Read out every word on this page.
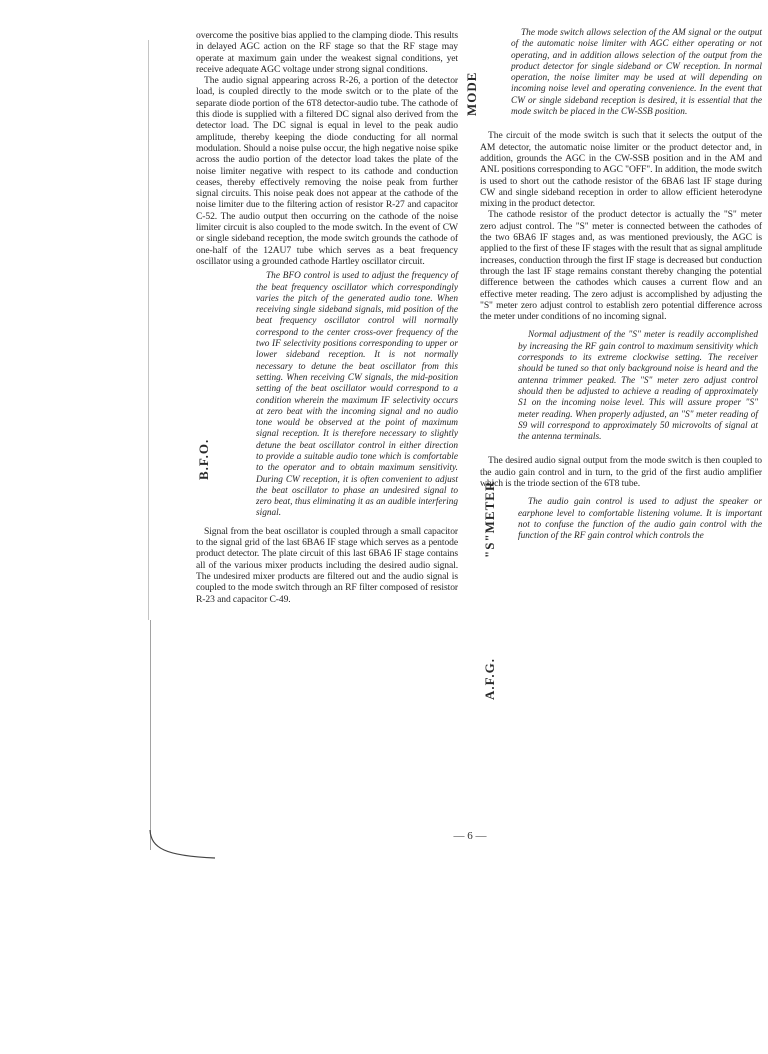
overcome the positive bias applied to the clamping diode. This results in delayed AGC action on the RF stage so that the RF stage may operate at maximum gain under the weakest signal conditions, yet receive adequate AGC voltage under strong signal conditions.

The audio signal appearing across R-26, a portion of the detector load, is coupled directly to the mode switch or to the plate of the separate diode portion of the 6T8 detector-audio tube. The cathode of this diode is supplied with a filtered DC signal also derived from the detector load. The DC signal is equal in level to the peak audio amplitude, thereby keeping the diode conducting for all normal modulation. Should a noise pulse occur, the high negative noise spike across the audio portion of the detector load takes the plate of the noise limiter negative with respect to its cathode and conduction ceases, thereby effectively removing the noise peak from further signal circuits. This noise peak does not appear at the cathode of the noise limiter due to the filtering action of resistor R-27 and capacitor C-52. The audio output then occurring on the cathode of the noise limiter circuit is also coupled to the mode switch. In the event of CW or single sideband reception, the mode switch grounds the cathode of one-half of the 12AU7 tube which serves as a beat frequency oscillator using a grounded cathode Hartley oscillator circuit.

The BFO control is used to adjust the frequency of the beat frequency oscillator which correspondingly varies the pitch of the generated audio tone. When receiving single sideband signals, mid position of the beat frequency oscillator control will normally correspond to the center cross-over frequency of the two IF selectivity positions corresponding to upper or lower sideband reception. It is not normally necessary to detune the beat oscillator from this setting. When receiving CW signals, the mid-position setting of the beat oscillator would correspond to a condition wherein the maximum IF selectivity occurs at zero beat with the incoming signal and no audio tone would be observed at the point of maximum signal reception. It is therefore necessary to slightly detune the beat oscillator control in either direction to provide a suitable audio tone which is comfortable to the operator and to obtain maximum sensitivity. During CW reception, it is often convenient to adjust the beat oscillator to phase an undesired signal to zero beat, thus eliminating it as an audible interfering signal.

Signal from the beat oscillator is coupled through a small capacitor to the signal grid of the last 6BA6 IF stage which serves as a pentode product detector. The plate circuit of this last 6BA6 IF stage contains all of the various mixer products including the desired audio signal. The undesired mixer products are filtered out and the audio signal is coupled to the mode switch through an RF filter composed of resistor R-23 and capacitor C-49.

The mode switch allows selection of the AM signal or the output of the automatic noise limiter with AGC either operating or not operating, and in addition allows selection of the output from the product detector for single sideband or CW reception. In normal operation, the noise limiter may be used at will depending on incoming noise level and operating convenience. In the event that CW or single sideband reception is desired, it is essential that the mode switch be placed in the CW-SSB position.

The circuit of the mode switch is such that it selects the output of the AM detector, the automatic noise limiter or the product detector and, in addition, grounds the AGC in the CW-SSB position and in the AM and ANL positions corresponding to AGC "OFF". In addition, the mode switch is used to short out the cathode resistor of the 6BA6 last IF stage during CW and single sideband reception in order to allow efficient heterodyne mixing in the product detector.

The cathode resistor of the product detector is actually the "S" meter zero adjust control. The "S" meter is connected between the cathodes of the two 6BA6 IF stages and, as was mentioned previously, the AGC is applied to the first of these IF stages with the result that as signal amplitude increases, conduction through the first IF stage is decreased but conduction through the last IF stage remains constant thereby changing the potential difference between the cathodes which causes a current flow and an effective meter reading. The zero adjust is accomplished by adjusting the "S" meter zero adjust control to establish zero potential difference across the meter under conditions of no incoming signal.

Normal adjustment of the "S" meter is readily accomplished by increasing the RF gain control to maximum sensitivity which corresponds to its extreme clockwise setting. The receiver should be tuned so that only background noise is heard and the antenna trimmer peaked. The "S" meter zero adjust control should then be adjusted to achieve a reading of approximately S1 on the incoming noise level. This will assure proper "S" meter reading. When properly adjusted, an "S" meter reading of S9 will correspond to approximately 50 microvolts of signal at the antenna terminals.

The desired audio signal output from the mode switch is then coupled to the audio gain control and in turn, to the grid of the first audio amplifier which is the triode section of the 6T8 tube.

The audio gain control is used to adjust the speaker or earphone level to comfortable listening volume. It is important not to confuse the function of the audio gain control with the function of the RF gain control which controls the

B.F.O.
MODE
"S"METER
A.F.G.
— 6 —
